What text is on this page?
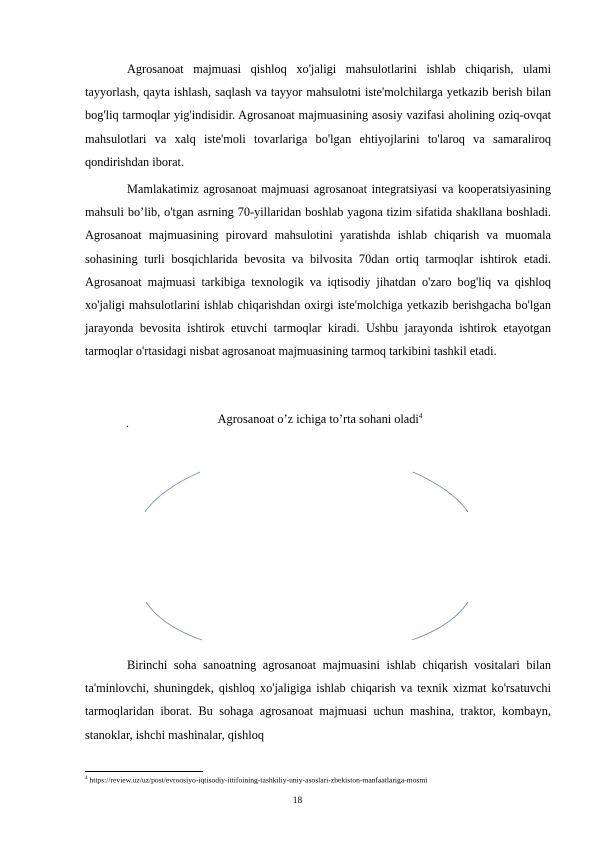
Agrosanoat majmuasi qishloq xo'jaligi mahsulotlarini ishlab chiqarish, ulami tayyorlash, qayta ishlash, saqlash va tayyor mahsulotni iste'molchilarga yetkazib berish bilan bog'liq tarmoqlar yig'indisidir. Agrosanoat majmuasining asosiy vazifasi aholining oziq-ovqat mahsulotlari va xalq iste'moli tovarlariga bo'lgan ehtiyojlarini to'laroq va samaraliroq qondirishdan iborat.

Mamlakatimiz agrosanoat majmuasi agrosanoat integratsiyasi va kooperatsiyasining mahsuli bo’lib, o'tgan asrning 70-yillaridan boshlab yagona tizim sifatida shakllana boshladi. Agrosanoat majmuasining pirovard mahsulotini yaratishda ishlab chiqarish va muomala sohasining turli bosqichlarida bevosita va bilvosita 70dan ortiq tarmoqlar ishtirok etadi. Agrosanoat majmuasi tarkibiga texnologik va iqtisodiy jihatdan o'zaro bog'liq va qishloq xo'jaligi mahsulotlarini ishlab chiqarishdan oxirgi iste'molchiga yetkazib berishgacha bo'lgan jarayonda bevosita ishtirok etuvchi tarmoqlar kiradi. Ushbu jarayonda ishtirok etayotgan tarmoqlar o'rtasidagi nisbat agrosanoat majmuasining tarmoq tarkibini tashkil etadi.

Agrosanoat o’z ichiga to’rta sohani oladi$^4$
.

Birinchi soha sanoatning agrosanoat majmuasini ishlab chiqarish vositalari bilan ta'minlovchi, shuningdek, qishloq xo'jaligiga ishlab chiqarish va texnik xizmat ko'rsatuvchi tarmoqlaridan iborat. Bu sohaga agrosanoat majmuasi uchun mashina, traktor, kombayn, stanoklar, ishchi mashinalar, qishloq

$^4$ https://review.uz/uz/post/evroosiyo-iqtisodiy-ittifoining-tashkiliy-uniy-asoslari-zbekiston-manfaatlariga-mosmi
18
